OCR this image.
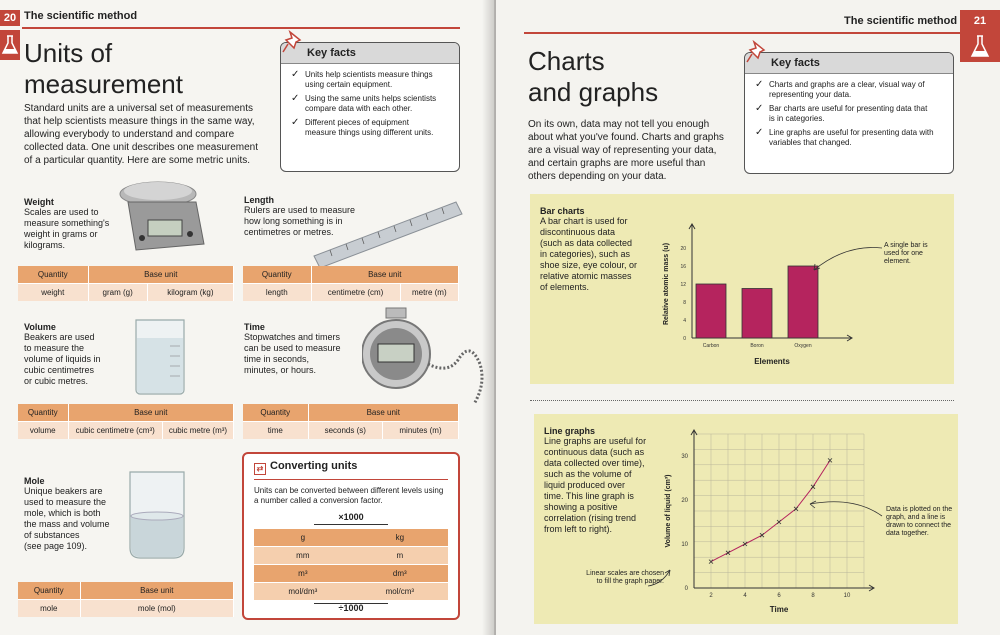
20 The scientific method
Units of
measurement
Standard units are a universal set of measurements
that help scientists measure things in the same way,
allowing everybody to understand and compare
collected data. One unit describes one measurement
of a particular quantity. Here are some metric units.
Key facts
✓ Units help scientists measure things
using certain equipment.
✓ Using the same units helps scientists
compare data with each other.
✓ Different pieces of equipment
measure things using different units.
Weight
Scales are used to
measure something's
weight in grams or
kilograms.
Quantity	Base unit	
weight	gram (g)	kilogram (kg)
Length
Rulers are used to measure
how long something is in
centimetres or metres.
Quantity	Base unit	
length	centimetre (cm)	metre (m)
Volume
Beakers are used
to measure the
volume of liquids in
cubic centimetres
or cubic metres.
Quantity	Base unit	
volume	cubic centimetre (cm³)	cubic metre (m³)
Time
Stopwatches and timers
can be used to measure
time in seconds,
minutes, or hours.
Quantity	Base unit	
time	seconds (s)	minutes (m)
Mole
Unique beakers are
used to measure the
mole, which is both
the mass and volume
of substances
(see page 109).
Quantity	Base unit
mole	mole (mol)
⇄ Converting units
Units can be converted between different levels using
a number called a conversion factor.
×1000
g	kg
mm	m
m³	dm³
mol/dm³	mol/cm³
÷1000
The scientific method	21
Charts
and graphs
On its own, data may not tell you enough
about what you've found. Charts and graphs
are a visual way of representing your data,
and certain graphs are more useful than
others depending on your data.
Key facts
✓ Charts and graphs are a clear, visual way of
representing your data.
✓ Bar charts are useful for presenting data that
is in categories.
✓ Line graphs are useful for presenting data with
variables that changed.
Bar charts
A bar chart is used for
discontinuous data
(such as data collected
in categories), such as
shoe size, eye colour, or
relative atomic masses
of elements.
0
4
8
12
16
20
Carbon	Boron	Oxygen
Elements
Relative atomic mass (u)	A single bar is
used for one
element.
Line graphs
Line graphs are useful for
continuous data (such as
data collected over time),
such as the volume of
liquid produced over
time. This line graph is
showing a positive
correlation (rising trend
from left to right).
2	4	6	8	10
0
10
20
30
Time
Volume of liquid (cm³)	Data is plotted on the
graph, and a line is
drawn to connect the
data together.
Linear scales are chosen
to fill the graph paper.
